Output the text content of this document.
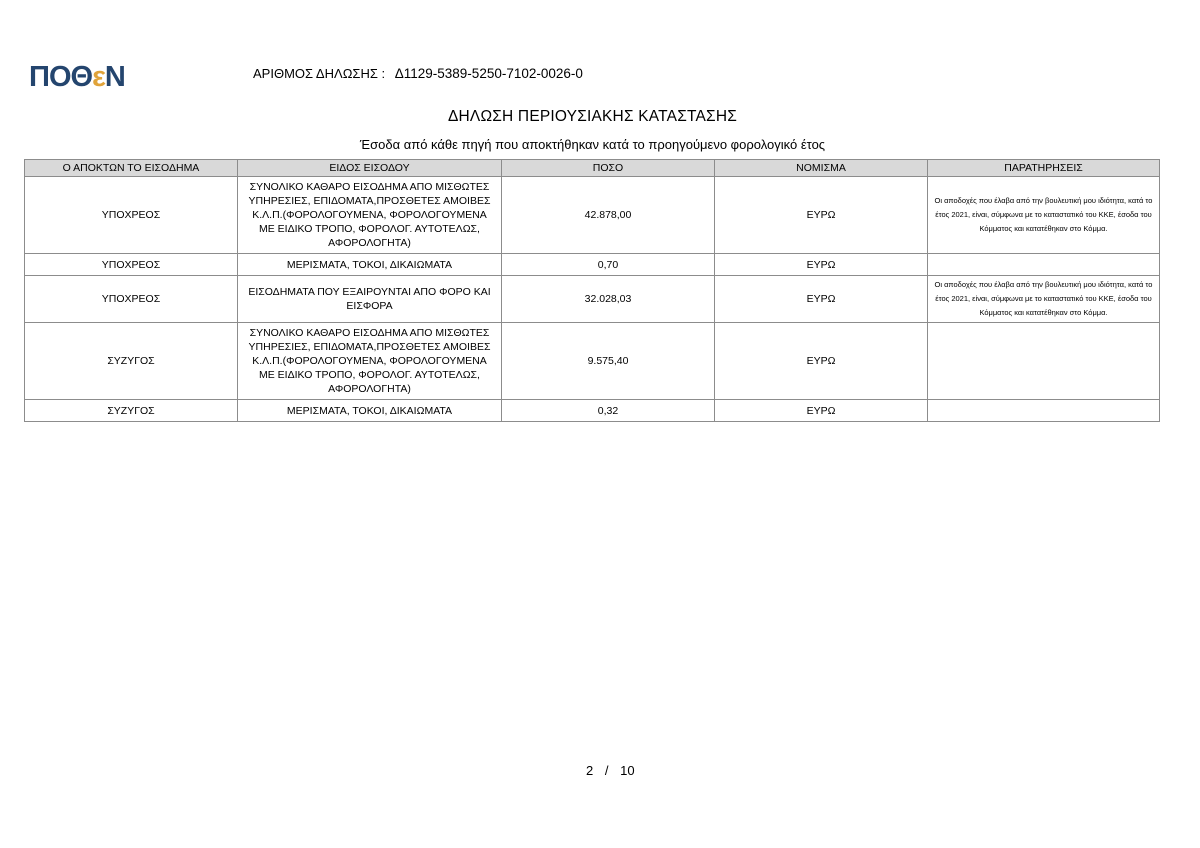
ΠΟΘεΝ	ΑΡΙΘΜΟΣ ΔΗΛΩΣΗΣ : Δ1129-5389-5250-7102-0026-0
ΔΗΛΩΣΗ ΠΕΡΙΟΥΣΙΑΚΗΣ ΚΑΤΑΣΤΑΣΗΣ
Έσοδα από κάθε πηγή που αποκτήθηκαν κατά το προηγούμενο φορολογικό έτος
Ο ΑΠΟΚΤΩΝ ΤΟ ΕΙΣΟΔΗΜΑ	ΕΙΔΟΣ ΕΙΣΟΔΟΥ	ΠΟΣΟ	ΝΟΜΙΣΜΑ	ΠΑΡΑΤΗΡΗΣΕΙΣ
ΥΠΟΧΡΕΟΣ	ΣΥΝΟΛΙΚΟ ΚΑΘΑΡΟ ΕΙΣΟΔΗΜΑ ΑΠΟ ΜΙΣΘΩΤΕΣ ΥΠΗΡΕΣΙΕΣ, ΕΠΙΔΟΜΑΤΑ,ΠΡΟΣΘΕΤΕΣ ΑΜΟΙΒΕΣ Κ.Λ.Π.(ΦΟΡΟΛΟΓΟΥΜΕΝΑ, ΦΟΡΟΛΟΓΟΥΜΕΝΑ ΜΕ ΕΙΔΙΚΟ ΤΡΟΠΟ, ΦΟΡΟΛΟΓ. ΑΥΤΟΤΕΛΩΣ, ΑΦΟΡΟΛΟΓΗΤΑ)	42.878,00	ΕΥΡΩ	Οι αποδοχές που έλαβα από την βουλευτική μου ιδιότητα, κατά το έτος 2021, είναι, σύμφωνα με το καταστατικό του ΚΚΕ, έσοδα του Κόμματος και κατατέθηκαν στο Κόμμα.
ΥΠΟΧΡΕΟΣ	ΜΕΡΙΣΜΑΤΑ, ΤΟΚΟΙ, ΔΙΚΑΙΩΜΑΤΑ	0,70	ΕΥΡΩ	
ΥΠΟΧΡΕΟΣ	ΕΙΣΟΔΗΜΑΤΑ ΠΟΥ ΕΞΑΙΡΟΥΝΤΑΙ ΑΠΟ ΦΟΡΟ ΚΑΙ ΕΙΣΦΟΡΑ	32.028,03	ΕΥΡΩ	Οι αποδοχές που έλαβα από την βουλευτική μου ιδιότητα, κατά το έτος 2021, είναι, σύμφωνα με το καταστατικό του ΚΚΕ, έσοδα του Κόμματος και κατατέθηκαν στο Κόμμα.
ΣΥΖΥΓΟΣ	ΣΥΝΟΛΙΚΟ ΚΑΘΑΡΟ ΕΙΣΟΔΗΜΑ ΑΠΟ ΜΙΣΘΩΤΕΣ ΥΠΗΡΕΣΙΕΣ, ΕΠΙΔΟΜΑΤΑ,ΠΡΟΣΘΕΤΕΣ ΑΜΟΙΒΕΣ Κ.Λ.Π.(ΦΟΡΟΛΟΓΟΥΜΕΝΑ, ΦΟΡΟΛΟΓΟΥΜΕΝΑ ΜΕ ΕΙΔΙΚΟ ΤΡΟΠΟ, ΦΟΡΟΛΟΓ. ΑΥΤΟΤΕΛΩΣ, ΑΦΟΡΟΛΟΓΗΤΑ)	9.575,40	ΕΥΡΩ	
ΣΥΖΥΓΟΣ	ΜΕΡΙΣΜΑΤΑ, ΤΟΚΟΙ, ΔΙΚΑΙΩΜΑΤΑ	0,32	ΕΥΡΩ	
2 / 10
